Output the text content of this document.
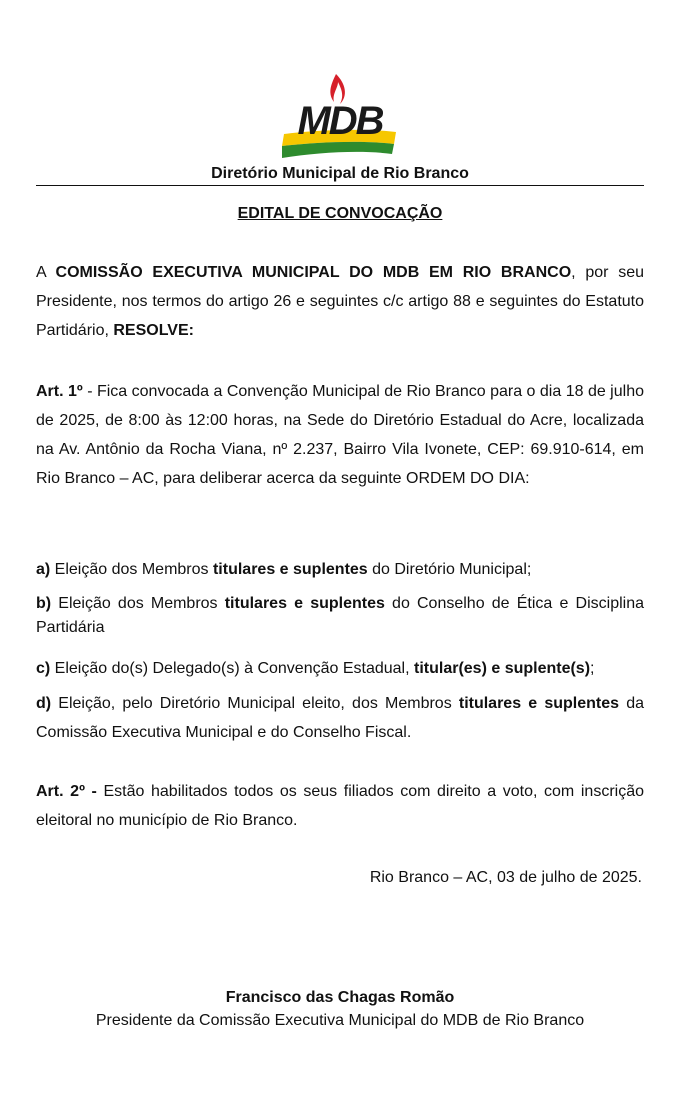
MDB
Diretório Municipal de Rio Branco
EDITAL DE CONVOCAÇÃO

A COMISSÃO EXECUTIVA MUNICIPAL DO MDB EM RIO BRANCO, por seu Presidente, nos termos do artigo 26 e seguintes c/c artigo 88 e seguintes do Estatuto Partidário, RESOLVE:

Art. 1º - Fica convocada a Convenção Municipal de Rio Branco para o dia 18 de julho de 2025, de 8:00 às 12:00 horas, na Sede do Diretório Estadual do Acre, localizada na Av. Antônio da Rocha Viana, nº 2.237, Bairro Vila Ivonete, CEP: 69.910-614, em Rio Branco – AC, para deliberar acerca da seguinte ORDEM DO DIA:

a) Eleição dos Membros titulares e suplentes do Diretório Municipal;

b) Eleição dos Membros titulares e suplentes do Conselho de Ética e Disciplina Partidária

c) Eleição do(s) Delegado(s) à Convenção Estadual, titular(es) e suplente(s);

d) Eleição, pelo Diretório Municipal eleito, dos Membros titulares e suplentes da Comissão Executiva Municipal e do Conselho Fiscal.

Art. 2º - Estão habilitados todos os seus filiados com direito a voto, com inscrição eleitoral no município de Rio Branco.

Rio Branco – AC, 03 de julho de 2025.

Francisco das Chagas Romão

Presidente da Comissão Executiva Municipal do MDB de Rio Branco
